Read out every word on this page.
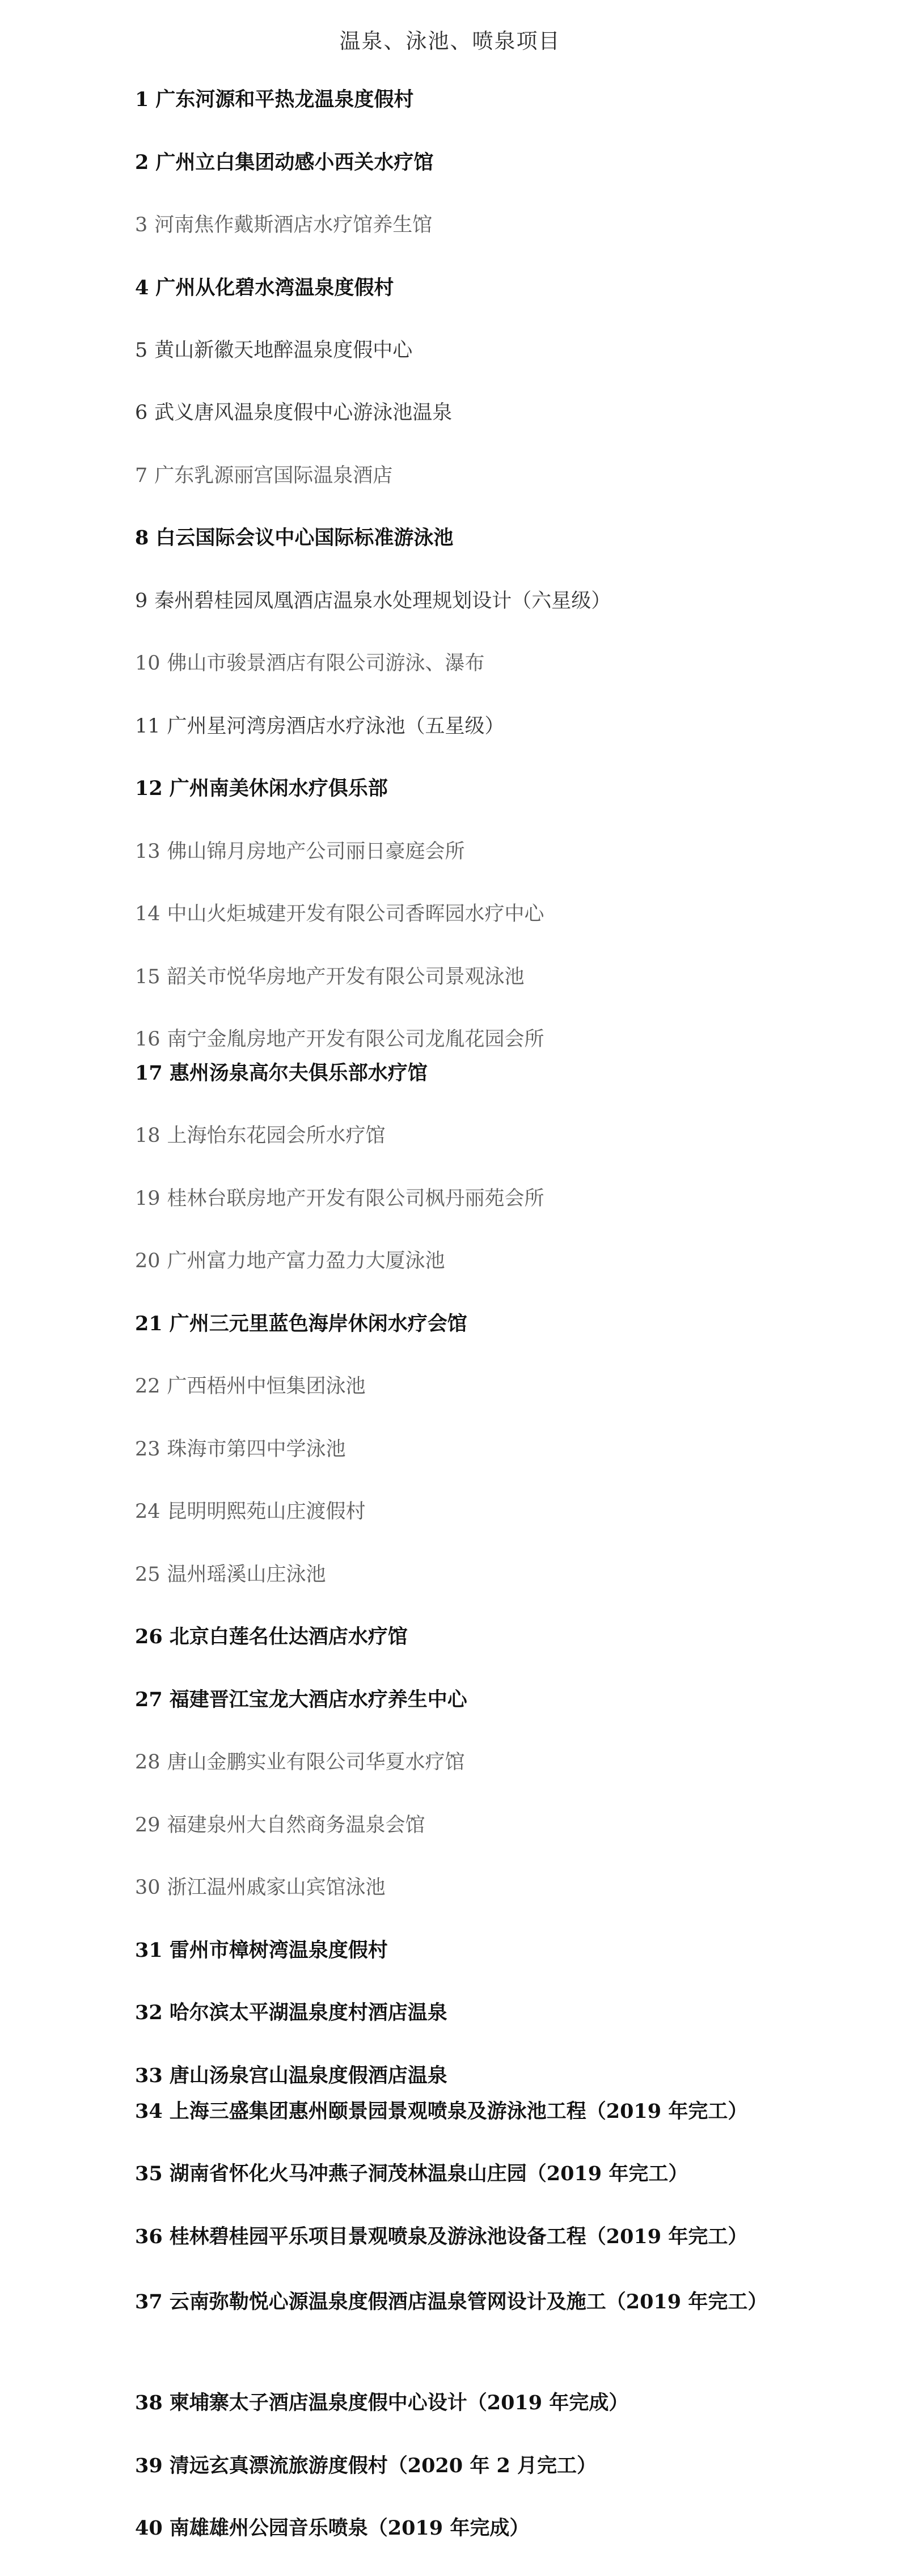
温泉、泳池、喷泉项目
1 广东河源和平热龙温泉度假村
2 广州立白集团动感小西关水疗馆
3 河南焦作戴斯酒店水疗馆养生馆
4 广州从化碧水湾温泉度假村
5 黄山新徽天地醉温泉度假中心
6 武义唐风温泉度假中心游泳池温泉
7 广东乳源丽宫国际温泉酒店
8 白云国际会议中心国际标准游泳池
9 秦州碧桂园凤凰酒店温泉水处理规划设计（六星级）
10 佛山市骏景酒店有限公司游泳、瀑布
11 广州星河湾房酒店水疗泳池（五星级）
12 广州南美休闲水疗俱乐部
13 佛山锦月房地产公司丽日豪庭会所
14 中山火炬城建开发有限公司香晖园水疗中心
15 韶关市悦华房地产开发有限公司景观泳池
16 南宁金胤房地产开发有限公司龙胤花园会所
17 惠州汤泉高尔夫俱乐部水疗馆
18 上海怡东花园会所水疗馆
19 桂林台联房地产开发有限公司枫丹丽苑会所
20 广州富力地产富力盈力大厦泳池
21 广州三元里蓝色海岸休闲水疗会馆
22 广西梧州中恒集团泳池
23 珠海市第四中学泳池
24 昆明明熙苑山庄渡假村
25 温州瑶溪山庄泳池
26 北京白莲名仕达酒店水疗馆
27 福建晋江宝龙大酒店水疗养生中心
28 唐山金鹏实业有限公司华夏水疗馆
29 福建泉州大自然商务温泉会馆
30 浙江温州戚家山宾馆泳池
31 雷州市樟树湾温泉度假村
32 哈尔滨太平湖温泉度村酒店温泉
33 唐山汤泉宫山温泉度假酒店温泉
34 上海三盛集团惠州颐景园景观喷泉及游泳池工程（2019 年完工）
35 湖南省怀化火马冲燕子洞茂林温泉山庄园（2019 年完工）
36 桂林碧桂园平乐项目景观喷泉及游泳池设备工程（2019 年完工）
37 云南弥勒悦心源温泉度假酒店温泉管网设计及施工（2019 年完工）
38 柬埔寨太子酒店温泉度假中心设计（2019 年完成）
39 清远玄真漂流旅游度假村（2020 年 2 月完工）
40 南雄雄州公园音乐喷泉（2019 年完成）
